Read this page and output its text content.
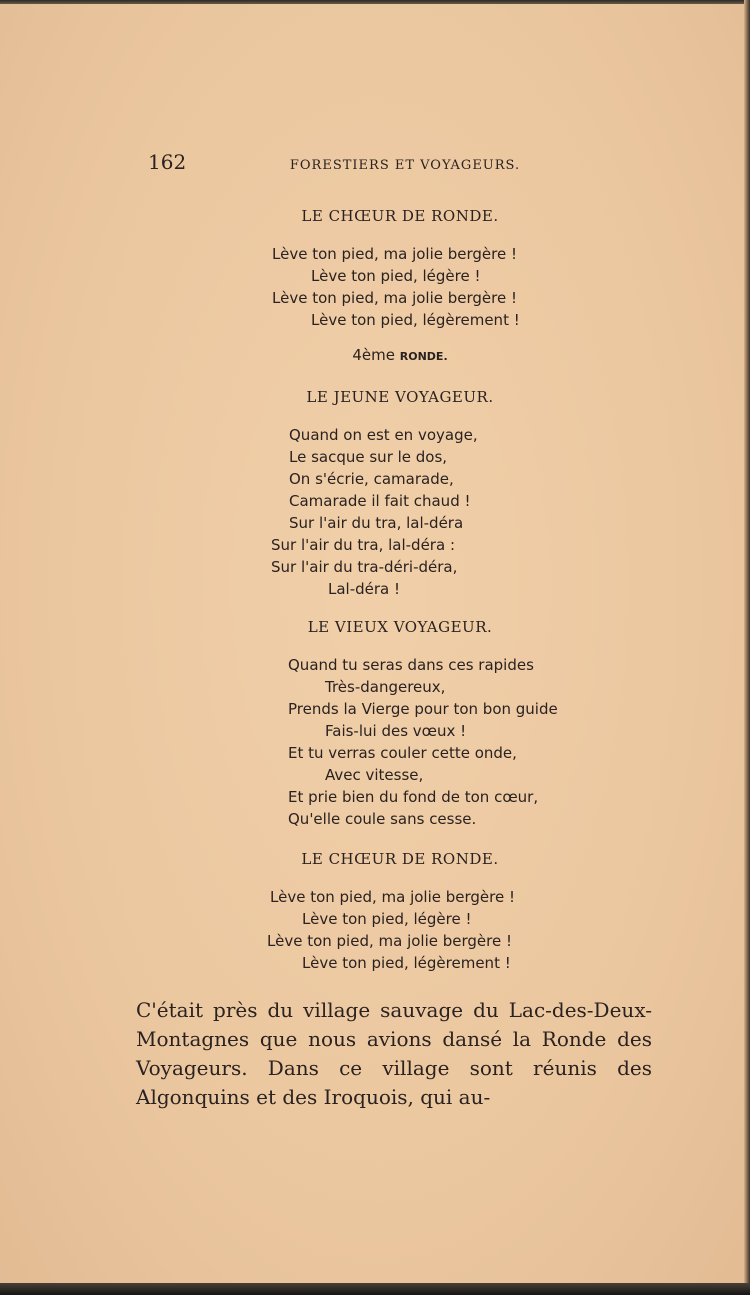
162	FORESTIERS ET VOYAGEURS.
LE CHŒUR DE RONDE.
Lève ton pied, ma jolie bergère !
Lève ton pied, légère !
Lève ton pied, ma jolie bergère !
Lève ton pied, légèrement !
4ème RONDE.
LE JEUNE VOYAGEUR.
Quand on est en voyage,
Le sacque sur le dos,
On s'écrie, camarade,
Camarade il fait chaud !
Sur l'air du tra, lal-déra
Sur l'air du tra, lal-déra :
Sur l'air du tra-déri-déra,
Lal-déra !
LE VIEUX VOYAGEUR.
Quand tu seras dans ces rapides
Très-dangereux,
Prends la Vierge pour ton bon guide
Fais-lui des vœux !
Et tu verras couler cette onde,
Avec vitesse,
Et prie bien du fond de ton cœur,
Qu'elle coule sans cesse.
LE CHŒUR DE RONDE.
Lève ton pied, ma jolie bergère !
Lève ton pied, légère !
Lève ton pied, ma jolie bergère !
Lève ton pied, légèrement !
C'était près du village sauvage du Lac-des-Deux-Montagnes que nous avions dansé la Ronde des Voyageurs. Dans ce village sont réunis des Algonquins et des Iroquois, qui au-
